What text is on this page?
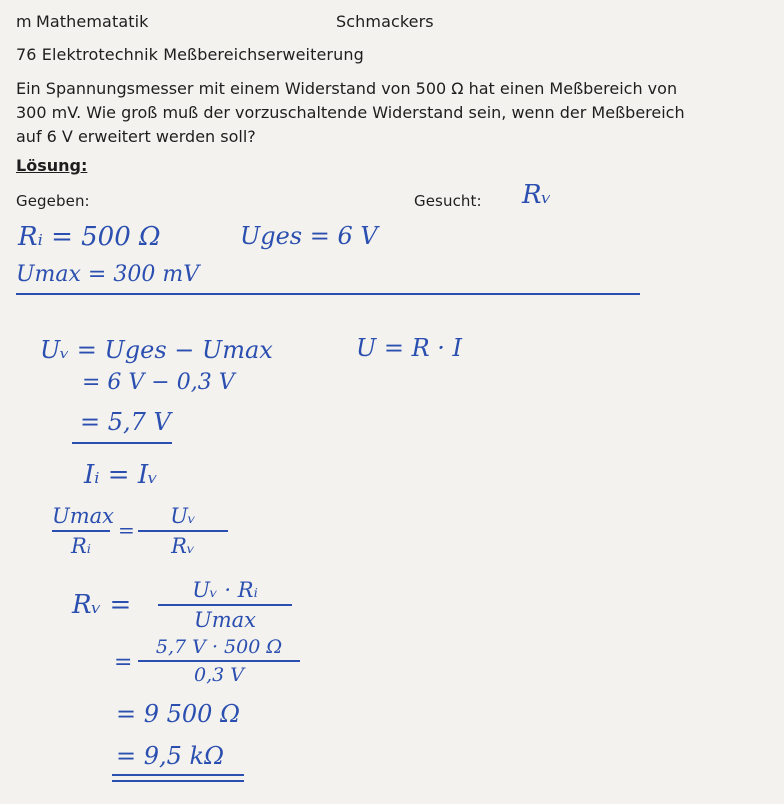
m Mathematatik	Schmackers
76 Elektrotechnik Meßbereichserweiterung
Ein Spannungsmesser mit einem Widerstand von 500 Ω hat einen Meßbereich von
300 mV. Wie groß muß der vorzuschaltende Widerstand sein, wenn der Meßbereich
auf 6 V erweitert werden soll?
Lösung:
Gegeben:	Gesucht: Rᵥ
Rᵢ = 500 Ω	Uges = 6 V
Umax = 300 mV
Uᵥ = Uges − Umax	U = R · I
= 6 V − 0,3 V
= 5,7 V
Iᵢ = Iᵥ
Umax
Rᵢ
=
Uᵥ
Rᵥ
Rᵥ =	Uᵥ · Rᵢ
Umax
=
5,7 V · 500 Ω
0,3 V
= 9 500 Ω
= 9,5 kΩ
